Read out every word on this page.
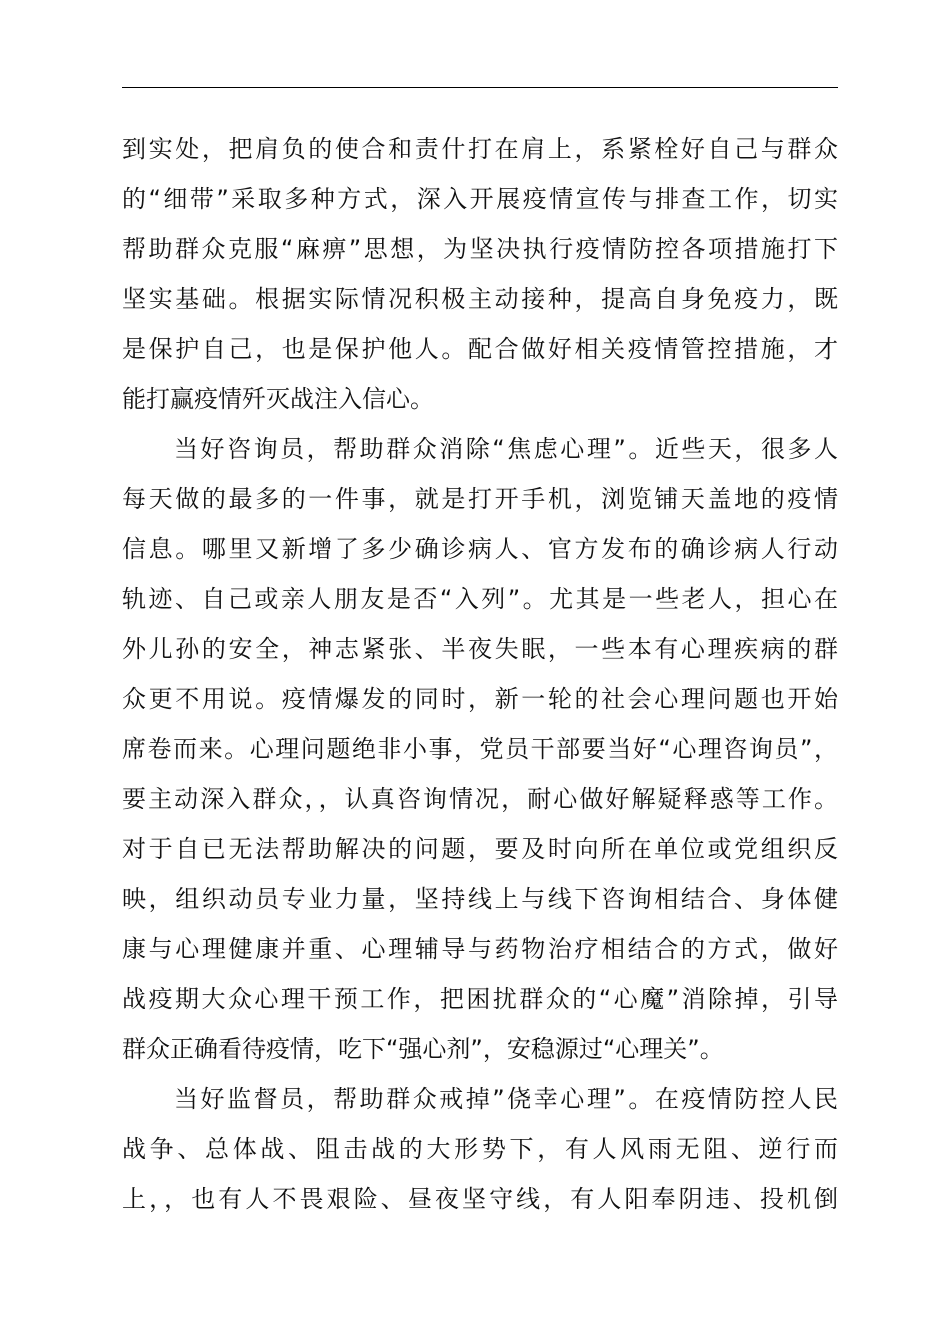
到实处，把肩负的使合和责什打在肩上，系紧栓好自己与群众
的“细带”采取多种方式，深入开展疫情宣传与排查工作，切实
帮助群众克服“麻痹”思想，为坚决执行疫情防控各项措施打下
坚实基础。根据实际情况积极主动接种，提高自身免疫力，既
是保护自己，也是保护他人。配合做好相关疫情管控措施，才
能打赢疫情歼灭战注入信心。
当好咨询员，帮助群众消除“焦虑心理”。近些天，很多人
每天做的最多的一件事，就是打开手机，浏览铺天盖地的疫情
信息。哪里又新增了多少确诊病人、官方发布的确诊病人行动
轨迹、自己或亲人朋友是否“入列”。尤其是一些老人，担心在
外儿孙的安全，神志紧张、半夜失眠，一些本有心理疾病的群
众更不用说。疫情爆发的同时，新一轮的社会心理问题也开始
席卷而来。心理问题绝非小事，党员干部要当好“心理咨询员”，
要主动深入群众，，认真咨询情况，耐心做好解疑释惑等工作。
对于自已无法帮助解决的问题，要及时向所在单位或党组织反
映，组织动员专业力量，坚持线上与线下咨询相结合、身体健
康与心理健康并重、心理辅导与药物治疗相结合的方式，做好
战疫期大众心理干预工作，把困扰群众的“心魔”消除掉，引导
群众正确看待疫情，吃下“强心剂”，安稳源过“心理关”。
当好监督员，帮助群众戒掉”侥幸心理”。在疫情防控人民
战争、总体战、阻击战的大形势下，有人风雨无阻、逆行而
上，，也有人不畏艰险、昼夜坚守线，有人阳奉阴违、投机倒
